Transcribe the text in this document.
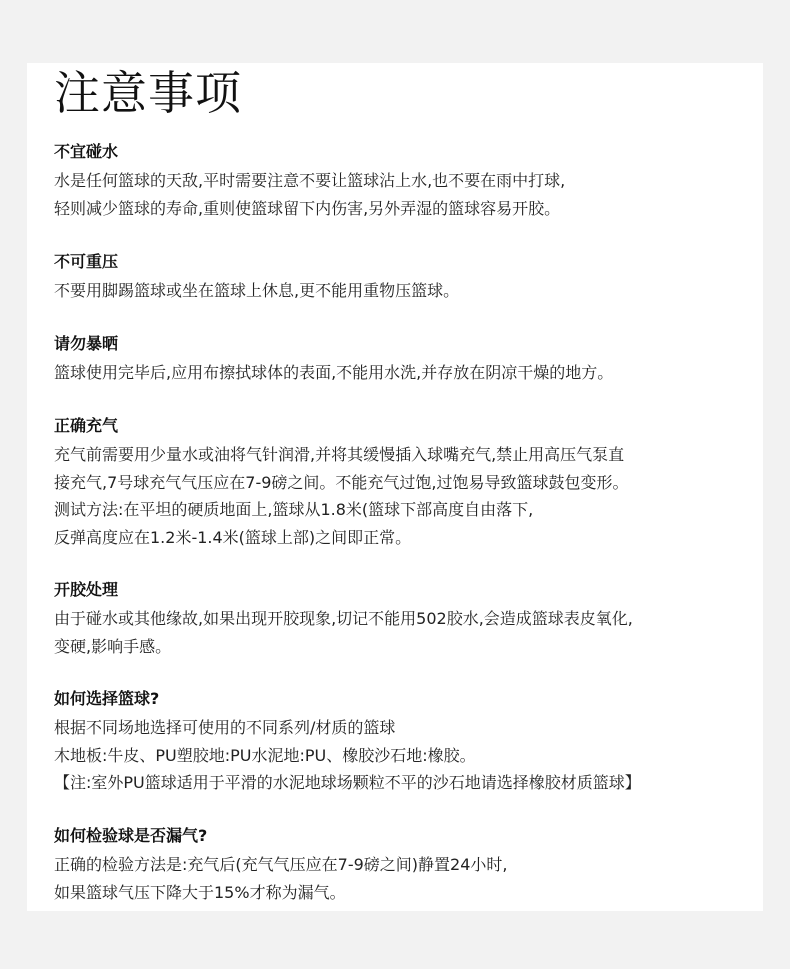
注意事项

不宜碰水

水是任何篮球的天敌,平时需要注意不要让篮球沾上水,也不要在雨中打球,

轻则减少篮球的寿命,重则使篮球留下内伤害,另外弄湿的篮球容易开胶。

不可重压

不要用脚踢篮球或坐在篮球上休息,更不能用重物压篮球。

请勿暴晒

篮球使用完毕后,应用布擦拭球体的表面,不能用水洗,并存放在阴凉干燥的地方。

正确充气

充气前需要用少量水或油将气针润滑,并将其缓慢插入球嘴充气,禁止用高压气泵直

接充气,7号球充气气压应在7-9磅之间。不能充气过饱,过饱易导致篮球鼓包变形。

测试方法:在平坦的硬质地面上,篮球从1.8米(篮球下部高度自由落下,

反弹高度应在1.2米-1.4米(篮球上部)之间即正常。

开胶处理

由于碰水或其他缘故,如果出现开胶现象,切记不能用502胶水,会造成篮球表皮氧化,

变硬,影响手感。

如何选择篮球?

根据不同场地选择可使用的不同系列/材质的篮球

木地板:牛皮、PU塑胶地:PU水泥地:PU、橡胶沙石地:橡胶。

【注:室外PU篮球适用于平滑的水泥地球场颗粒不平的沙石地请选择橡胶材质篮球】

如何检验球是否漏气?

正确的检验方法是:充气后(充气气压应在7-9磅之间)静置24小时,

如果篮球气压下降大于15%才称为漏气。
